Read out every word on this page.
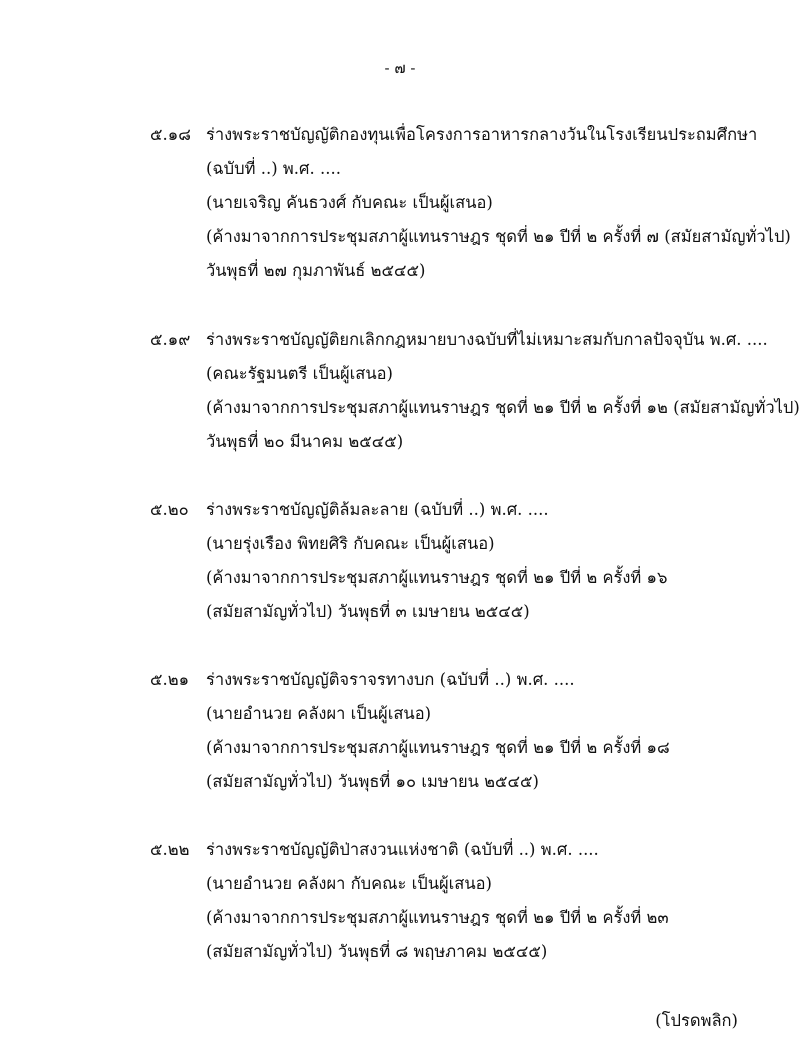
- ๗ -
๕.๑๘ ร่างพระราชบัญญัติกองทุนเพื่อโครงการอาหารกลางวันในโรงเรียนประถมศึกษา
(ฉบับที่ ..) พ.ศ. ....
(นายเจริญ คันธวงศ์ กับคณะ เป็นผู้เสนอ)
(ค้างมาจากการประชุมสภาผู้แทนราษฎร ชุดที่ ๒๑ ปีที่ ๒ ครั้งที่ ๗ (สมัยสามัญทั่วไป)
วันพุธที่ ๒๗ กุมภาพันธ์ ๒๕๔๕)
๕.๑๙ ร่างพระราชบัญญัติยกเลิกกฎหมายบางฉบับที่ไม่เหมาะสมกับกาลปัจจุบัน พ.ศ. ....
(คณะรัฐมนตรี เป็นผู้เสนอ)
(ค้างมาจากการประชุมสภาผู้แทนราษฎร ชุดที่ ๒๑ ปีที่ ๒ ครั้งที่ ๑๒ (สมัยสามัญทั่วไป)
วันพุธที่ ๒๐ มีนาคม ๒๕๔๕)
๕.๒๐ ร่างพระราชบัญญัติล้มละลาย (ฉบับที่ ..) พ.ศ. ....
(นายรุ่งเรือง พิทยศิริ กับคณะ เป็นผู้เสนอ)
(ค้างมาจากการประชุมสภาผู้แทนราษฎร ชุดที่ ๒๑ ปีที่ ๒ ครั้งที่ ๑๖
(สมัยสามัญทั่วไป) วันพุธที่ ๓ เมษายน ๒๕๔๕)
๕.๒๑ ร่างพระราชบัญญัติจราจรทางบก (ฉบับที่ ..) พ.ศ. ....
(นายอำนวย คลังผา เป็นผู้เสนอ)
(ค้างมาจากการประชุมสภาผู้แทนราษฎร ชุดที่ ๒๑ ปีที่ ๒ ครั้งที่ ๑๘
(สมัยสามัญทั่วไป) วันพุธที่ ๑๐ เมษายน ๒๕๔๕)
๕.๒๒ ร่างพระราชบัญญัติป่าสงวนแห่งชาติ (ฉบับที่ ..) พ.ศ. ....
(นายอำนวย คลังผา กับคณะ เป็นผู้เสนอ)
(ค้างมาจากการประชุมสภาผู้แทนราษฎร ชุดที่ ๒๑ ปีที่ ๒ ครั้งที่ ๒๓
(สมัยสามัญทั่วไป) วันพุธที่ ๘ พฤษภาคม ๒๕๔๕)
(โปรดพลิก)
